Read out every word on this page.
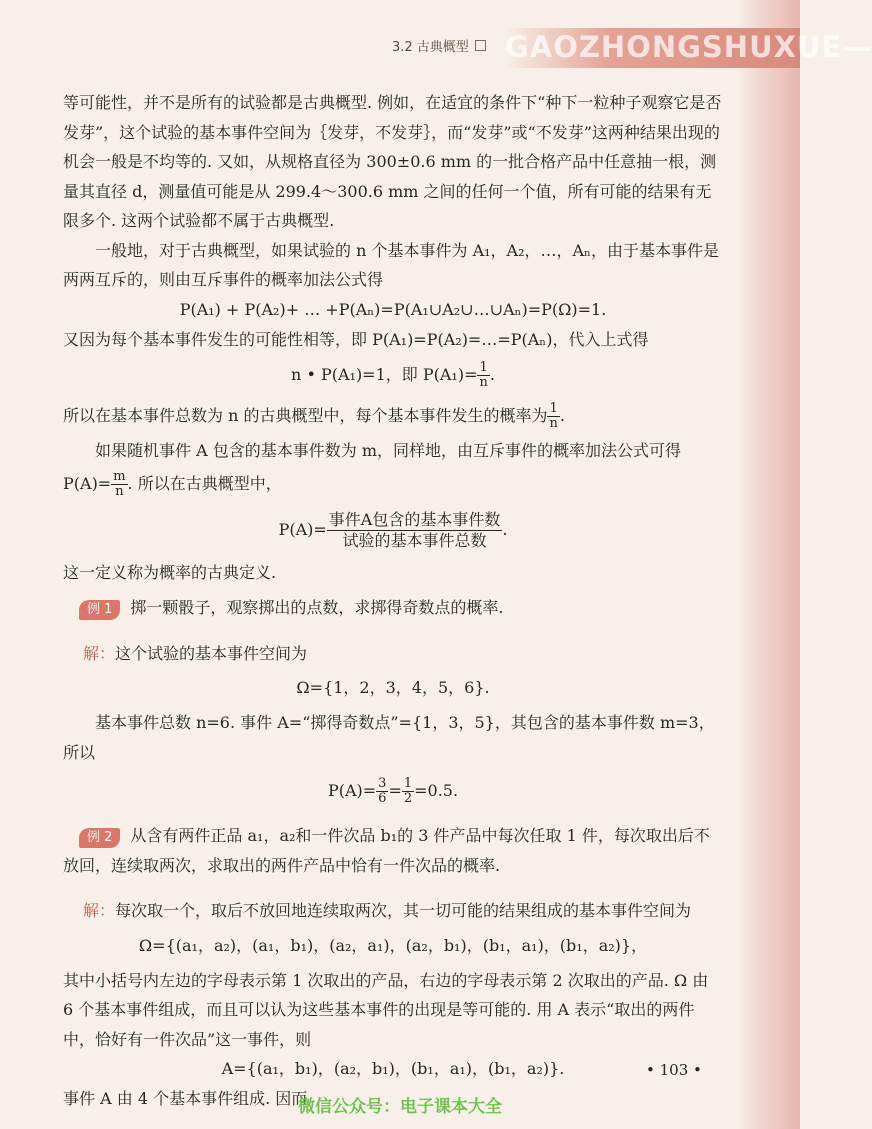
3.2 古典概型	GAOZHONGSHUXUE—

等可能性，并不是所有的试验都是古典概型. 例如，在适宜的条件下“种下一粒种子观察它是否发芽”，这个试验的基本事件空间为｛发芽，不发芽｝，而“发芽”或“不发芽”这两种结果出现的机会一般是不均等的. 又如，从规格直径为 300±0.6 mm 的一批合格产品中任意抽一根，测量其直径 d，测量值可能是从 299.4～300.6 mm 之间的任何一个值，所有可能的结果有无限多个. 这两个试验都不属于古典概型.

一般地，对于古典概型，如果试验的 n 个基本事件为 A₁，A₂，…，Aₙ，由于基本事件是两两互斥的，则由互斥事件的概率加法公式得

P(A₁) + P(A₂)+ … +P(Aₙ)=P(A₁∪A₂∪…∪Aₙ)=P(Ω)=1.

又因为每个基本事件发生的可能性相等，即 P(A₁)=P(A₂)=…=P(Aₙ)，代入上式得

n • P(A₁)=1，即 $P(A_1)= \frac{1}{n}$ .

所以在基本事件总数为 n 的古典概型中，每个基本事件发生的概率为 $\frac{1}{n}$ .

如果随机事件 A 包含的基本事件数为 m，同样地，由互斥事件的概率加法公式可得

$P(A)= \frac{m}{n}$ . 所以在古典概型中，

$P(A)= \frac{\text{事件A包含的基本事件数}}{\text{试验的基本事件总数}}$ .

这一定义称为概率的古典定义.

例 1 掷一颗骰子，观察掷出的点数，求掷得奇数点的概率.

解：这个试验的基本事件空间为

Ω={1，2，3，4，5，6}.

基本事件总数 n=6. 事件 A=“掷得奇数点”={1，3，5}，其包含的基本事件数 m=3，所以

$P(A)= \frac{3}{6} = \frac{1}{2} =0.5$.

例 2 从含有两件正品 a₁，a₂和一件次品 b₁的 3 件产品中每次任取 1 件，每次取出后不放回，连续取两次，求取出的两件产品中恰有一件次品的概率.

解：每次取一个，取后不放回地连续取两次，其一切可能的结果组成的基本事件空间为

Ω={(a₁，a₂)，(a₁，b₁)，(a₂，a₁)，(a₂，b₁)，(b₁，a₁)，(b₁，a₂)}，

其中小括号内左边的字母表示第 1 次取出的产品，右边的字母表示第 2 次取出的产品. Ω 由 6 个基本事件组成，而且可以认为这些基本事件的出现是等可能的. 用 A 表示“取出的两件中，恰好有一件次品”这一事件，则

A={(a₁，b₁)，(a₂，b₁)，(b₁，a₁)，(b₁，a₂)}.

事件 A 由 4 个基本事件组成. 因而

• 103 •
微信公众号：电子课本大全
